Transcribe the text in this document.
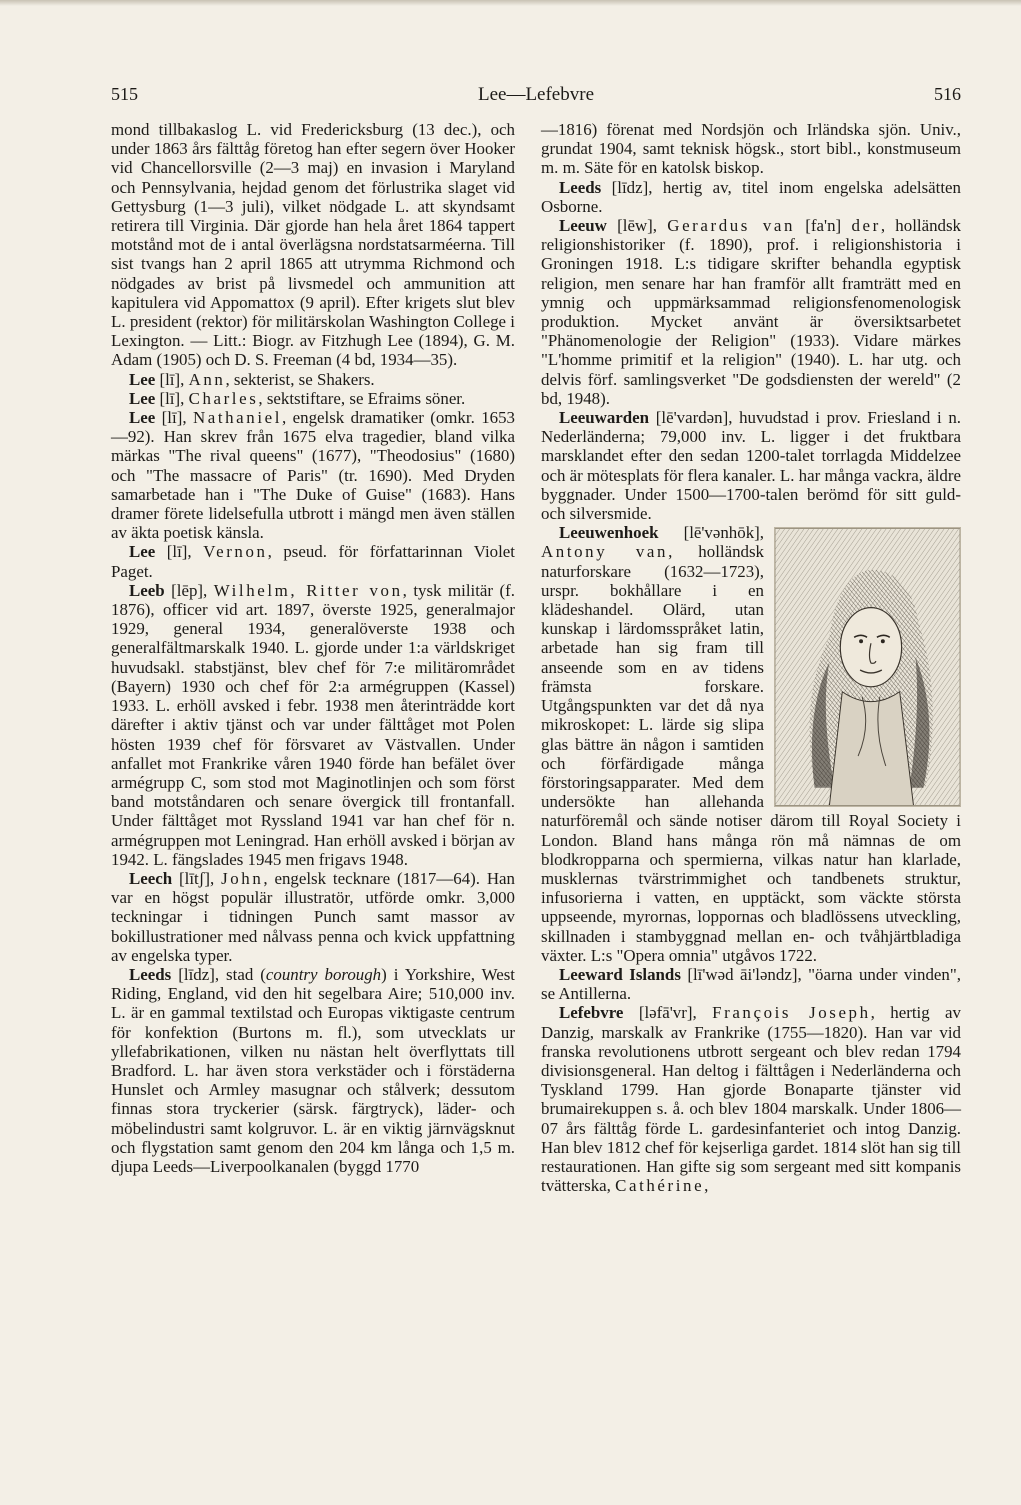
515	Lee—Lefebvre	516

mond tillbakaslog L. vid Fredericksburg (13 dec.), och under 1863 års fälttåg företog han efter segern över Hooker vid Chancellorsville (2—3 maj) en invasion i Maryland och Pennsylvania, hejdad genom det förlustrika slaget vid Gettysburg (1—3 juli), vilket nödgade L. att skyndsamt retirera till Virginia. Där gjorde han hela året 1864 tappert motstånd mot de i antal överlägsna nordstatsarméerna. Till sist tvangs han 2 april 1865 att utrymma Richmond och nödgades av brist på livsmedel och ammunition att kapitulera vid Appomattox (9 april). Efter krigets slut blev L. president (rektor) för militärskolan Washington College i Lexington. — Litt.: Biogr. av Fitzhugh Lee (1894), G. M. Adam (1905) och D. S. Freeman (4 bd, 1934—35).

Lee [lī], Ann, sekterist, se Shakers.

Lee [lī], Charles, sektstiftare, se Efraims söner.

Lee [lī], Nathaniel, engelsk dramatiker (omkr. 1653—92). Han skrev från 1675 elva tragedier, bland vilka märkas "The rival queens" (1677), "Theodosius" (1680) och "The massacre of Paris" (tr. 1690). Med Dryden samarbetade han i "The Duke of Guise" (1683). Hans dramer förete lidelsefulla utbrott i mängd men även ställen av äkta poetisk känsla.

Lee [lī], Vernon, pseud. för författarinnan Violet Paget.

Leeb [lēp], Wilhelm, Ritter von, tysk militär (f. 1876), officer vid art. 1897, överste 1925, generalmajor 1929, general 1934, generalöverste 1938 och generalfältmarskalk 1940. L. gjorde under 1:a världskriget huvudsakl. stabstjänst, blev chef för 7:e militärområdet (Bayern) 1930 och chef för 2:a armégruppen (Kassel) 1933. L. erhöll avsked i febr. 1938 men återinträdde kort därefter i aktiv tjänst och var under fälttåget mot Polen hösten 1939 chef för försvaret av Västvallen. Under anfallet mot Frankrike våren 1940 förde han befälet över armégrupp C, som stod mot Maginotlinjen och som först band motståndaren och senare övergick till frontanfall. Under fälttåget mot Ryssland 1941 var han chef för n. armégruppen mot Leningrad. Han erhöll avsked i början av 1942. L. fängslades 1945 men frigavs 1948.

Leech [lītʃ], John, engelsk tecknare (1817—64). Han var en högst populär illustratör, utförde omkr. 3,000 teckningar i tidningen Punch samt massor av bokillustrationer med nålvass penna och kvick uppfattning av engelska typer.

Leeds [līdz], stad (country borough) i Yorkshire, West Riding, England, vid den hit segelbara Aire; 510,000 inv. L. är en gammal textilstad och Europas viktigaste centrum för konfektion (Burtons m. fl.), som utvecklats ur yllefabrikationen, vilken nu nästan helt överflyttats till Bradford. L. har även stora verkstäder och i förstäderna Hunslet och Armley masugnar och stålverk; dessutom finnas stora tryckerier (särsk. färgtryck), läder- och möbelindustri samt kolgruvor. L. är en viktig järnvägsknut och flygstation samt genom den 204 km långa och 1,5 m. djupa Leeds—Liverpoolkanalen (byggd 1770

—1816) förenat med Nordsjön och Irländska sjön. Univ., grundat 1904, samt teknisk högsk., stort bibl., konstmuseum m. m. Säte för en katolsk biskop.

Leeds [līdz], hertig av, titel inom engelska adelsätten Osborne.

Leeuw [lēw], Gerardus van [fa'n] der, holländsk religionshistoriker (f. 1890), prof. i religionshistoria i Groningen 1918. L:s tidigare skrifter behandla egyptisk religion, men senare har han framför allt framträtt med en ymnig och uppmärksammad religionsfenomenologisk produktion. Mycket använt är översiktsarbetet "Phänomenologie der Religion" (1933). Vidare märkes "L'homme primitif et la religion" (1940). L. har utg. och delvis förf. samlingsverket "De godsdiensten der wereld" (2 bd, 1948).

Leeuwarden [lē'vardən], huvudstad i prov. Friesland i n. Nederländerna; 79,000 inv. L. ligger i det fruktbara marsklandet efter den sedan 1200-talet torrlagda Middelzee och är mötesplats för flera kanaler. L. har många vackra, äldre byggnader. Under 1500—1700-talen berömd för sitt guld- och silversmide.

Leeuwenhoek [lē'vənhōk], Antony van, holländsk naturforskare (1632—1723), urspr. bokhållare i en klädeshandel. Olärd, utan kunskap i lärdomsspråket latin, arbetade han sig fram till anseende som en av tidens främsta forskare. Utgångspunkten var det då nya mikroskopet: L. lärde sig slipa glas bättre än någon i samtiden och förfärdigade många förstoringsapparater. Med dem undersökte han allehanda naturföremål och sände notiser därom till Royal Society i London. Bland hans många rön må nämnas de om blodkropparna och spermierna, vilkas natur han klarlade, musklernas tvärstrimmighet och tandbenets struktur, infusorierna i vatten, en upptäckt, som väckte största uppseende, myrornas, loppornas och bladlössens utveckling, skillnaden i stambyggnad mellan en- och tvåhjärtbladiga växter. L:s "Opera omnia" utgåvos 1722.

Leeward Islands [lī'wəd āi'ləndz], "öarna under vinden", se Antillerna.

Lefebvre [ləfā'vr], François Joseph, hertig av Danzig, marskalk av Frankrike (1755—1820). Han var vid franska revolutionens utbrott sergeant och blev redan 1794 divisionsgeneral. Han deltog i fälttågen i Nederländerna och Tyskland 1799. Han gjorde Bonaparte tjänster vid brumairekuppen s. å. och blev 1804 marskalk. Under 1806—07 års fälttåg förde L. gardesinfanteriet och intog Danzig. Han blev 1812 chef för kejserliga gardet. 1814 slöt han sig till restaurationen. Han gifte sig som sergeant med sitt kompanis tvätterska, Cathérine,
